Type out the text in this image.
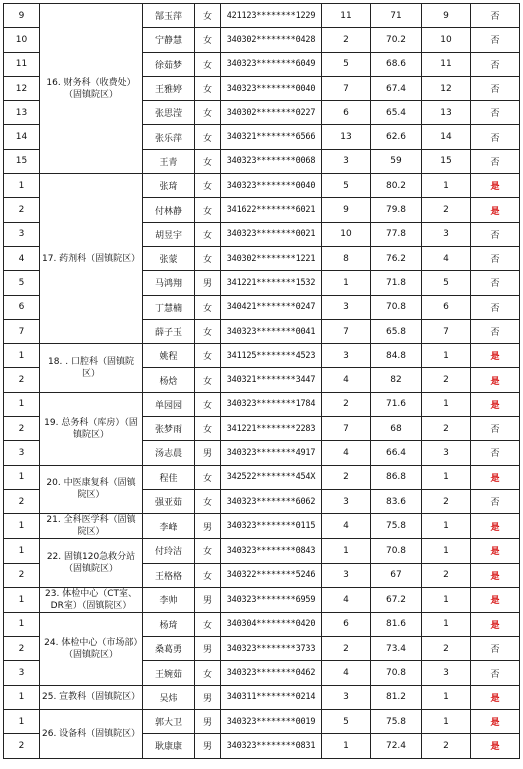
9	16. 财务科（收费处）（固镇院区）	郜玉萍	女	421123********1229	11	71	9	否
10		宁静慧	女	340302********0428	2	70.2	10	否
11		徐茹梦	女	340323********6049	5	68.6	11	否
12		王雅婷	女	340323********0040	7	67.4	12	否
13		张思滢	女	340302********0227	6	65.4	13	否
14		张乐萍	女	340321********6566	13	62.6	14	否
15		王青	女	340323********0068	3	59	15	否
1	17. 药剂科（固镇院区）	张琦	女	340323********0040	5	80.2	1	是
2		付林静	女	341622********6021	9	79.8	2	是
3		胡昱宇	女	340323********0021	10	77.8	3	否
4		张蒙	女	340302********1221	8	76.2	4	否
5		马鸿翔	男	341221********1532	1	71.8	5	否
6		丁慧楠	女	340421********0247	3	70.8	6	否
7		薛子玉	女	340323********0041	7	65.8	7	否
1	18. . 口腔科（固镇院区）	姚程	女	341125********4523	3	84.8	1	是
2		杨焓	女	340321********3447	4	82	2	是
1	19. 总务科（库房）（固镇院区）	单园园	女	340323********1784	2	71.6	1	是
2		张梦雨	女	341221********2283	7	68	2	否
3		汤志晨	男	340323********4917	4	66.4	3	否
1	20. 中医康复科（固镇院区）	程佳	女	342522********454X	2	86.8	1	是
2		强亚茹	女	340323********6062	3	83.6	2	否
1	21. 全科医学科（固镇院区）	李峰	男	340323********0115	4	75.8	1	是
1	22. 固镇120急救分站（固镇院区）	付玲洁	女	340323********0843	1	70.8	1	是
2		王格格	女	340322********5246	3	67	2	是
1	23. 体检中心（CT室、DR室）（固镇院区）	李帅	男	340323********6959	4	67.2	1	是
1	24. 体检中心（市场部）（固镇院区）	杨琦	女	340304********0420	6	81.6	1	是
2		桑葛勇	男	340323********3733	2	73.4	2	否
3		王婉茹	女	340323********0462	4	70.8	3	否
1	25. 宣教科（固镇院区）	吴炜	男	340311********0214	3	81.2	1	是
1	26. 设备科（固镇院区）	郭大卫	男	340323********0019	5	75.8	1	是
2		耿康康	男	340323********0831	1	72.4	2	是
